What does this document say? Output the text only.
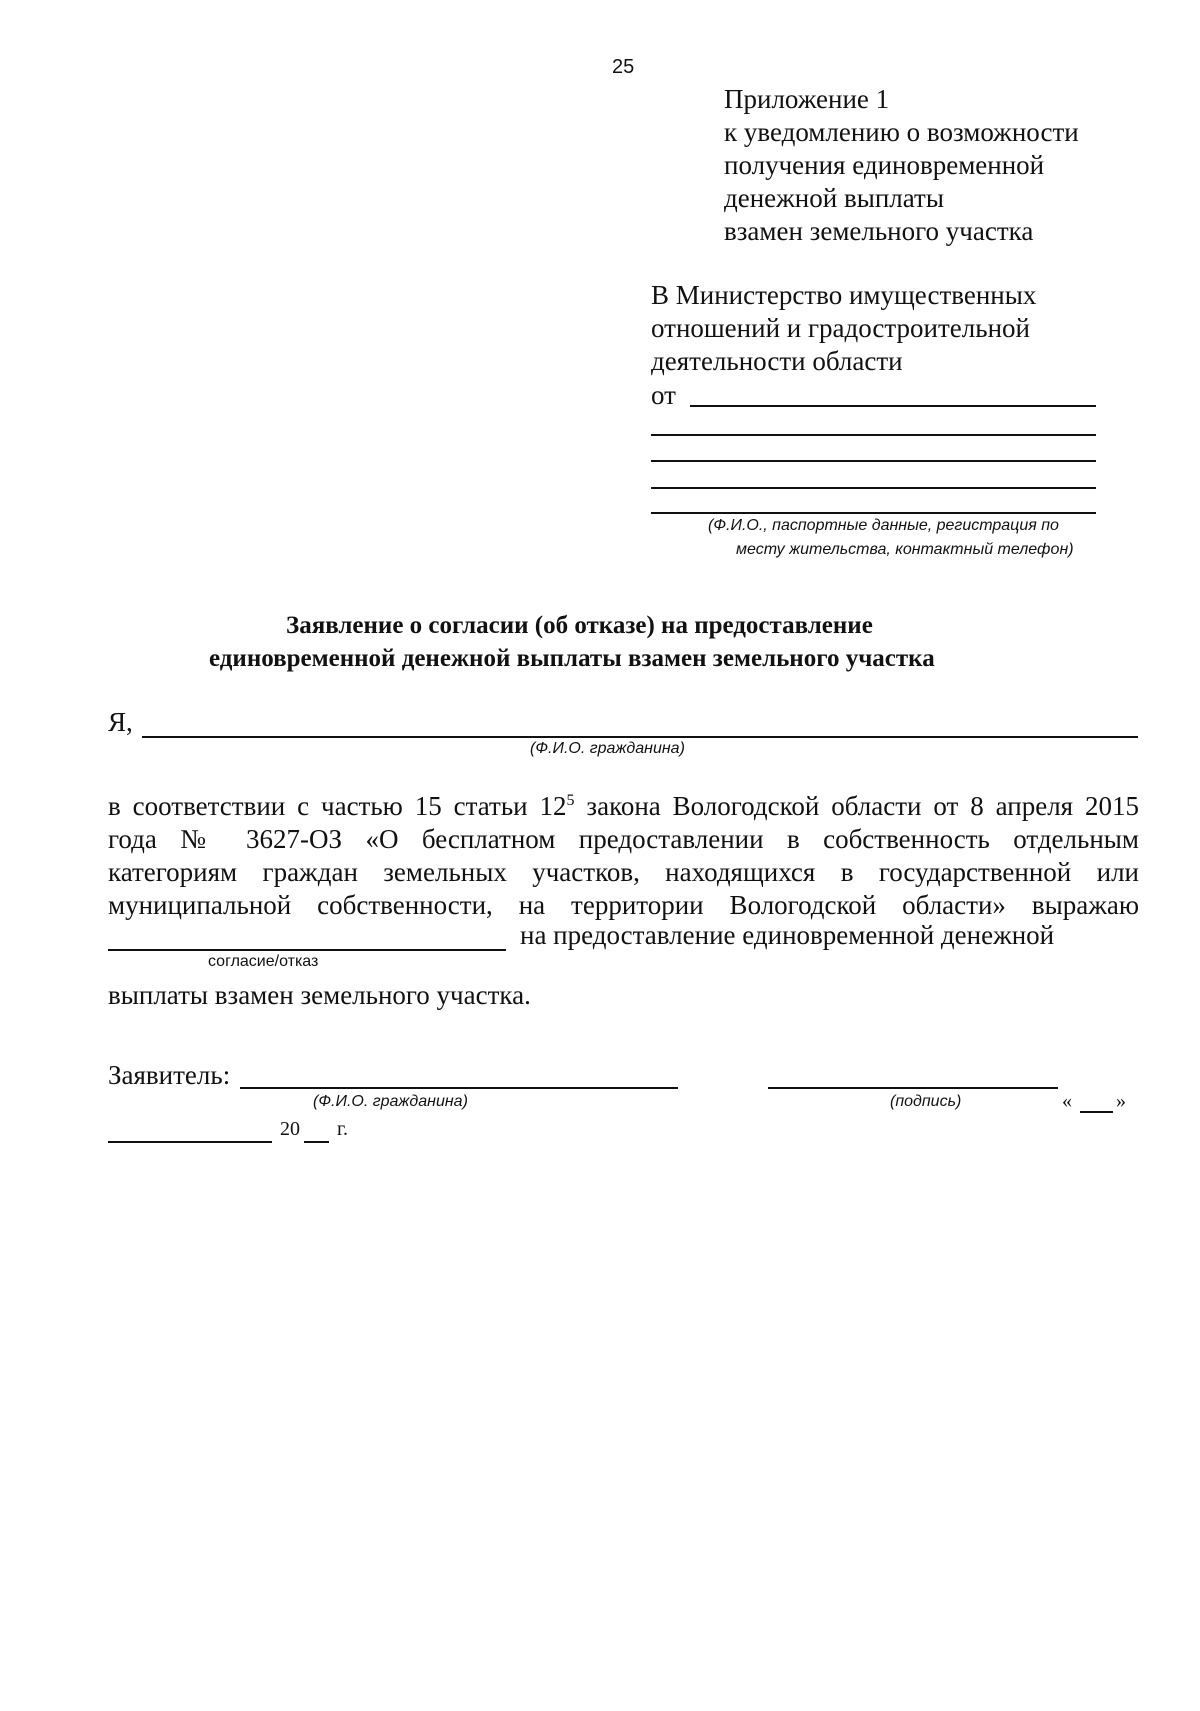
25
Приложение 1
к уведомлению о возможности
получения единовременной
денежной выплаты
взамен земельного участка
В Министерство имущественных
отношений и градостроительной
деятельности области
от
(Ф.И.О., паспортные данные, регистрация по
месту жительства, контактный телефон)
Заявление о согласии (об отказе) на предоставление
единовременной денежной выплаты взамен земельного участка
Я,
(Ф.И.О. гражданина)
в соответствии с частью 15 статьи $12^5$ закона Вологодской области от 8 апреля 2015
года № 3627-ОЗ «О бесплатном предоставлении в собственность отдельным
категориям граждан земельных участков, находящихся в государственной или
муниципальной собственности, на территории Вологодской области» выражаю
на предоставление единовременной денежной
согласие/отказ
выплаты взамен земельного участка.
Заявитель:
(Ф.И.О. гражданина)	(подпись)	« »
20 г.
